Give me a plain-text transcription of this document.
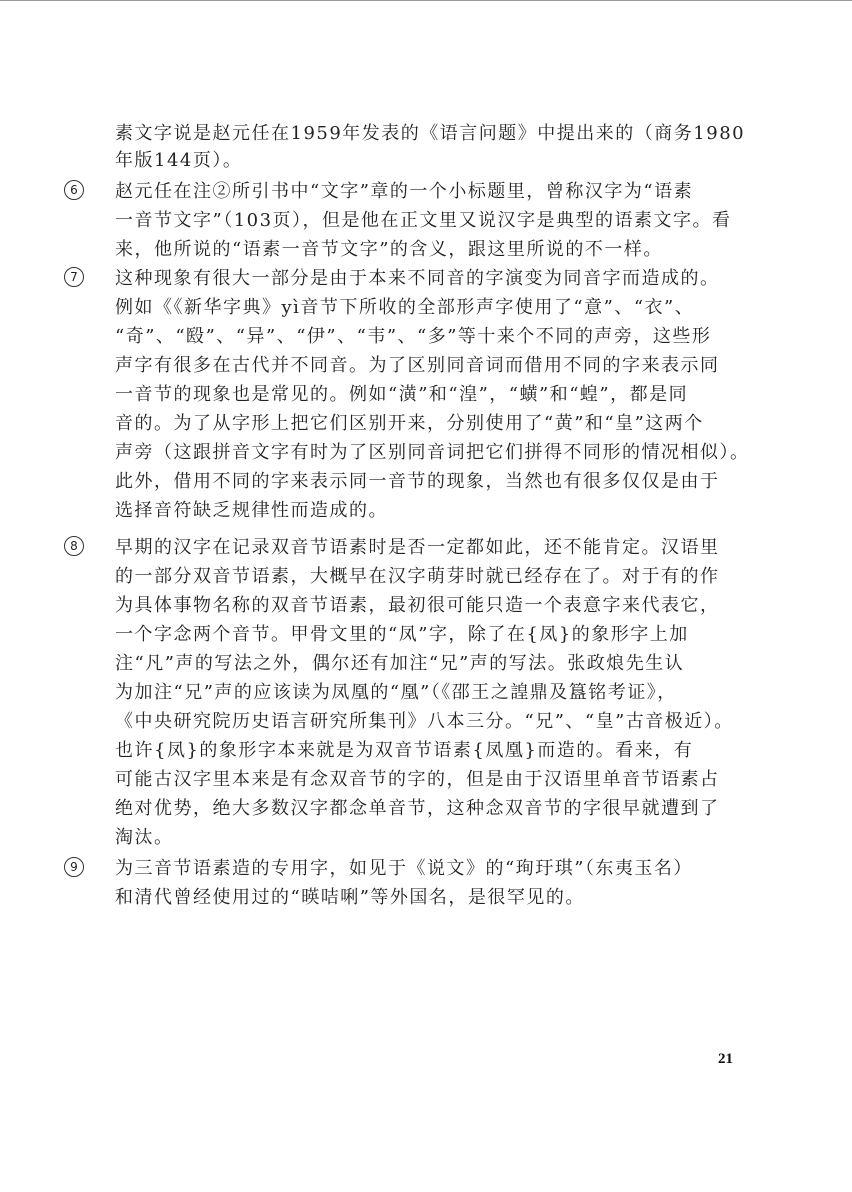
素文字说是赵元任在1959年发表的《语言问题》中提出来的（商务1980
年版144页）。
6	赵元任在注②所引书中“文字”章的一个小标题里，曾称汉字为“语素
一音节文字”（103页），但是他在正文里又说汉字是典型的语素文字。看
来，他所说的“语素一音节文字”的含义，跟这里所说的不一样。
7	这种现象有很大一部分是由于本来不同音的字演变为同音字而造成的。
例如《《新华字典》yì音节下所收的全部形声字使用了“意”、“衣”、
“奇”、“殹”、“异”、“伊”、“韦”、“多”等十来个不同的声旁，这些形
声字有很多在古代并不同音。为了区别同音词而借用不同的字来表示同
一音节的现象也是常见的。例如“潢”和“湟”，“蟥”和“蝗”，都是同
音的。为了从字形上把它们区别开来，分别使用了“黄”和“皇”这两个
声旁（这跟拼音文字有时为了区别同音词把它们拼得不同形的情况相似）。
此外，借用不同的字来表示同一音节的现象，当然也有很多仅仅是由于
选择音符缺乏规律性而造成的。
8	早期的汉字在记录双音节语素时是否一定都如此，还不能肯定。汉语里
的一部分双音节语素，大概早在汉字萌芽时就已经存在了。对于有的作
为具体事物名称的双音节语素，最初很可能只造一个表意字来代表它，
一个字念两个音节。甲骨文里的“凤”字，除了在{凤}的象形字上加
注“凡”声的写法之外，偶尔还有加注“兄”声的写法。张政烺先生认
为加注“兄”声的应该读为凤凰的“凰”（《邵王之諻鼎及簋铭考证》，
《中央研究院历史语言研究所集刊》八本三分。“兄”、“皇”古音极近）。
也许{凤}的象形字本来就是为双音节语素{凤凰}而造的。看来，有
可能古汉字里本来是有念双音节的字的，但是由于汉语里单音节语素占
绝对优势，绝大多数汉字都念单音节，这种念双音节的字很早就遭到了
淘汰。
9	为三音节语素造的专用字，如见于《说文》的“珣玗琪”（东夷玉名）
和清代曾经使用过的“暎咭唎”等外国名，是很罕见的。
21
